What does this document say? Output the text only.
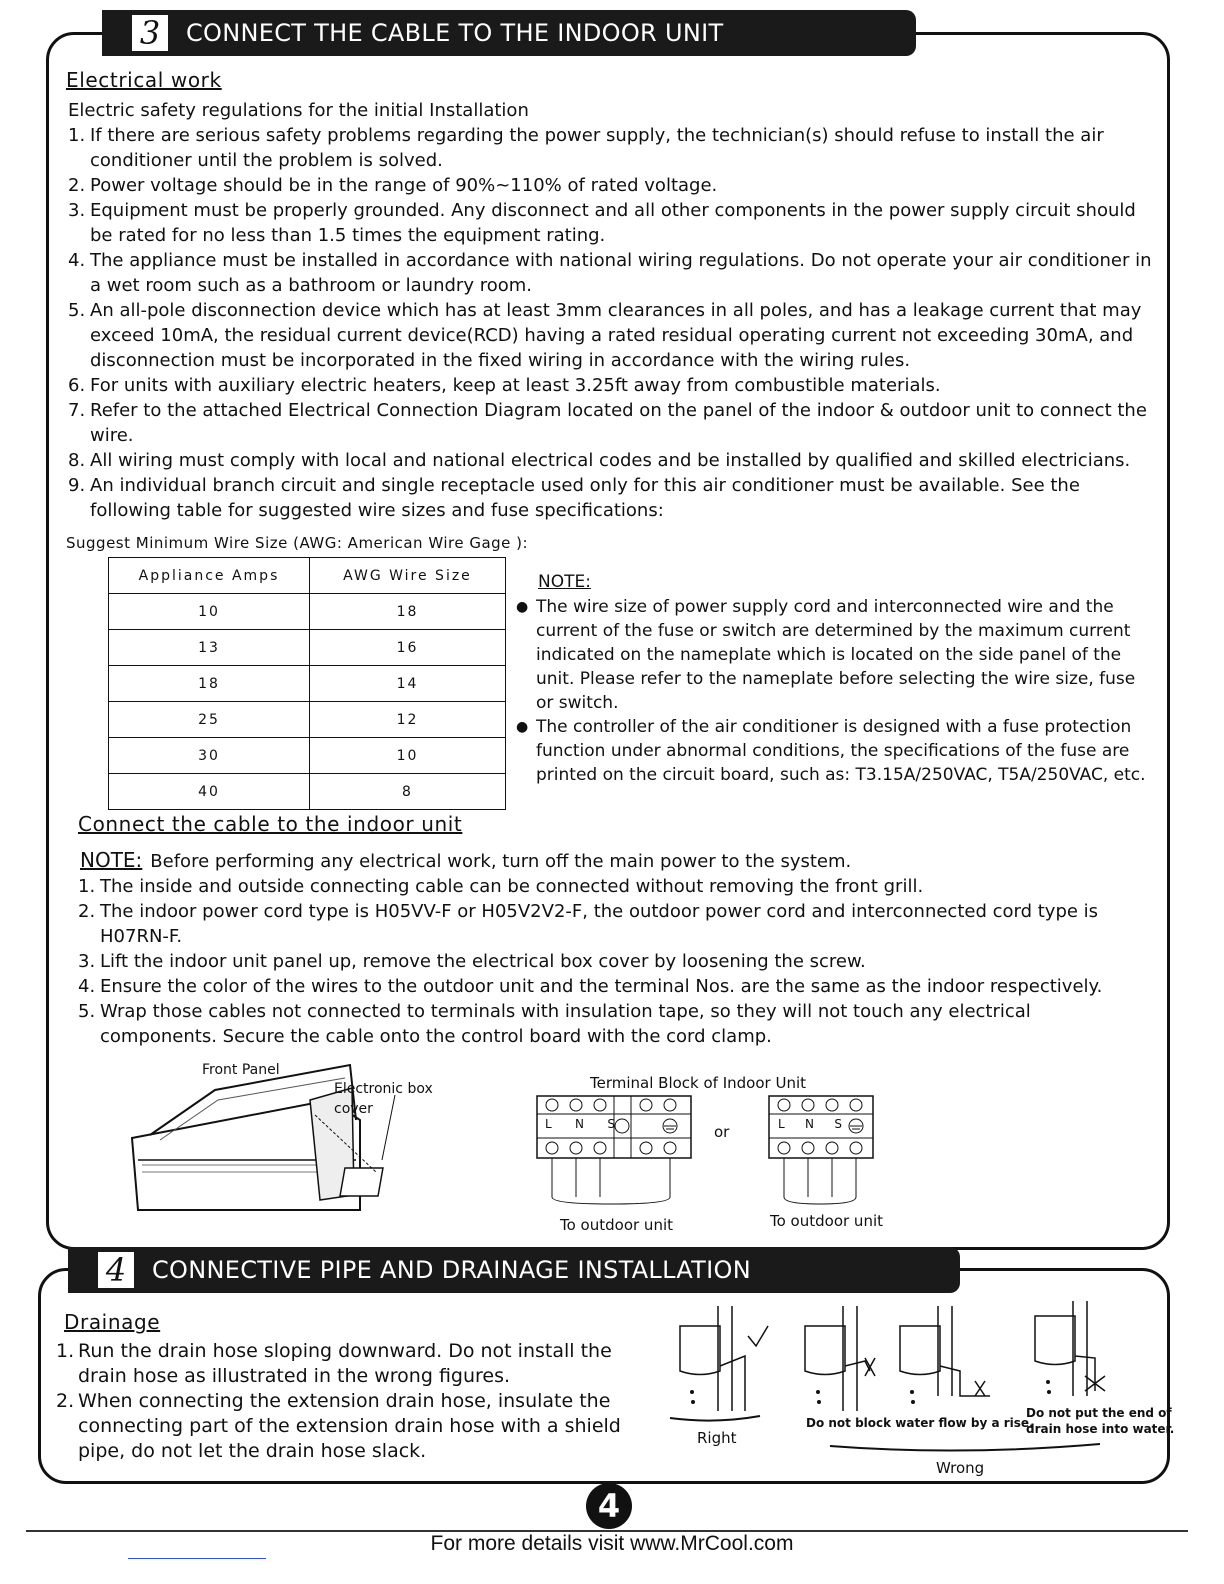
3	CONNECT THE CABLE TO THE INDOOR UNIT
Electrical work
Electric safety regulations for the initial Installation
1. If there are serious safety problems regarding the power supply, the technician(s) should refuse to install the air conditioner until the problem is solved.
2. Power voltage should be in the range of 90%~110% of rated voltage.
3. Equipment must be properly grounded. Any disconnect and all other components in the power supply circuit should be rated for no less than 1.5 times the equipment rating.
4. The appliance must be installed in accordance with national wiring regulations. Do not operate your air conditioner in a wet room such as a bathroom or laundry room.
5. An all-pole disconnection device which has at least 3mm clearances in all poles, and has a leakage current that may exceed 10mA, the residual current device(RCD) having a rated residual operating current not exceeding 30mA, and disconnection must be incorporated in the fixed wiring in accordance with the wiring rules.
6. For units with auxiliary electric heaters, keep at least 3.25ft away from combustible materials.
7. Refer to the attached Electrical Connection Diagram located on the panel of the indoor & outdoor unit to connect the wire.
8. All wiring must comply with local and national electrical codes and be installed by qualified and skilled electricians.
9. An individual branch circuit and single receptacle used only for this air conditioner must be available. See the following table for suggested wire sizes and fuse specifications:
Suggest Minimum Wire Size (AWG: American Wire Gage ):
Appliance Amps	AWG Wire Size
10	18
13	16
18	14
25	12
30	10
40	8
NOTE:
● The wire size of power supply cord and interconnected wire and the current of the fuse or switch are determined by the maximum current indicated on the nameplate which is located on the side panel of the unit. Please refer to the nameplate before selecting the wire size, fuse or switch.
● The controller of the air conditioner is designed with a fuse protection function under abnormal conditions, the specifications of the fuse are printed on the circuit board, such as: T3.15A/250VAC, T5A/250VAC, etc.
Connect the cable to the indoor unit
NOTE: Before performing any electrical work, turn off the main power to the system.
1. The inside and outside connecting cable can be connected without removing the front grill.
2. The indoor power cord type is H05VV-F or H05V2V2-F, the outdoor power cord and interconnected cord type is H07RN-F.
3. Lift the indoor unit panel up, remove the electrical box cover by loosening the screw.
4. Ensure the color of the wires to the outdoor unit and the terminal Nos. are the same as the indoor respectively.
5. Wrap those cables not connected to terminals with insulation tape, so they will not touch any electrical components. Secure the cable onto the control board with the cord clamp.
Front Panel
Electronic box
cover
Terminal Block of Indoor Unit
L N S	or	L N S
To outdoor unit	To outdoor unit
4	CONNECTIVE PIPE AND DRAINAGE INSTALLATION
Drainage
1. Run the drain hose sloping downward. Do not install the drain hose as illustrated in the wrong figures.
2. When connecting the extension drain hose, insulate the connecting part of the extension drain hose with a shield pipe, do not let the drain hose slack.
Right
Do not block water flow by a rise.
Do not put the end of
drain hose into water.
Wrong
4
For more details visit www.MrCool.com
